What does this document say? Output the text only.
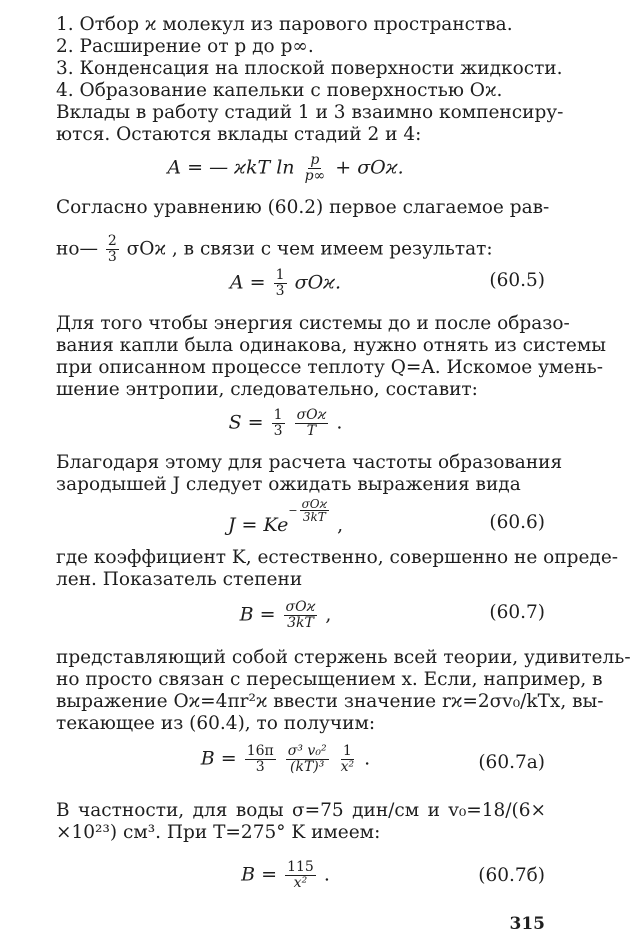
1. Отбор ϰ молекул из парового пространства.
2. Расширение от p до p∞.
3. Конденсация на плоской поверхности жидкости.
4. Образование капельки с поверхностью Oϰ.
Вклады в работу стадий 1 и 3 взаимно компенсиру-
ются. Остаются вклады стадий 2 и 4:
A = — ϰkT $\ln \frac{p}{p\infty} + \sigma Oϰ$.
Согласно уравнению (60.2) первое слагаемое рав-
но— $\frac{2}{3}$ σOϰ , в связи с чем имеем результат:
$A = \frac{1}{3} \sigma Oϰ$.	(60.5)
Для того чтобы энергия системы до и после образо-
вания капли была одинакова, нужно отнять из системы
при описанном процессе теплоту Q=A. Искомое умень-
шение энтропии, следовательно, составит:
$S = \frac{1}{3}$
$\frac{\text{σOϰ}}{T}$ .
Благодаря этому для расчета частоты образования
зародышей J следует ожидать выражения вида
$J = Ke^{- \frac{\text{σOϰ}}{3kT}}$
,	(60.6)
где коэффициент K, естественно, совершенно не опреде-
лен. Показатель степени
$B = \frac{\text{σOϰ}}{3kT}$ ,	(60.7)
представляющий собой стержень всей теории, удивитель-
но просто связан с пересыщением x. Если, например, в
выражение Oϰ=4πr²ϰ ввести значение rϰ=2σv₀/kTx, вы-
текающее из (60.4), то получим:
$B = \frac{16\pi}{3}$
$\frac{\text{σ³ v₀²}}{\text{(kT)³}}$
$\frac{1}{\text{x²}}$ .	(60.7а)
В частности, для воды σ=75 дин/см и v₀=18/(6×
×10²³) см³. При T=275° K имеем:
$B = \frac{115}{\text{x²}}$ .	(60.7б)
315
